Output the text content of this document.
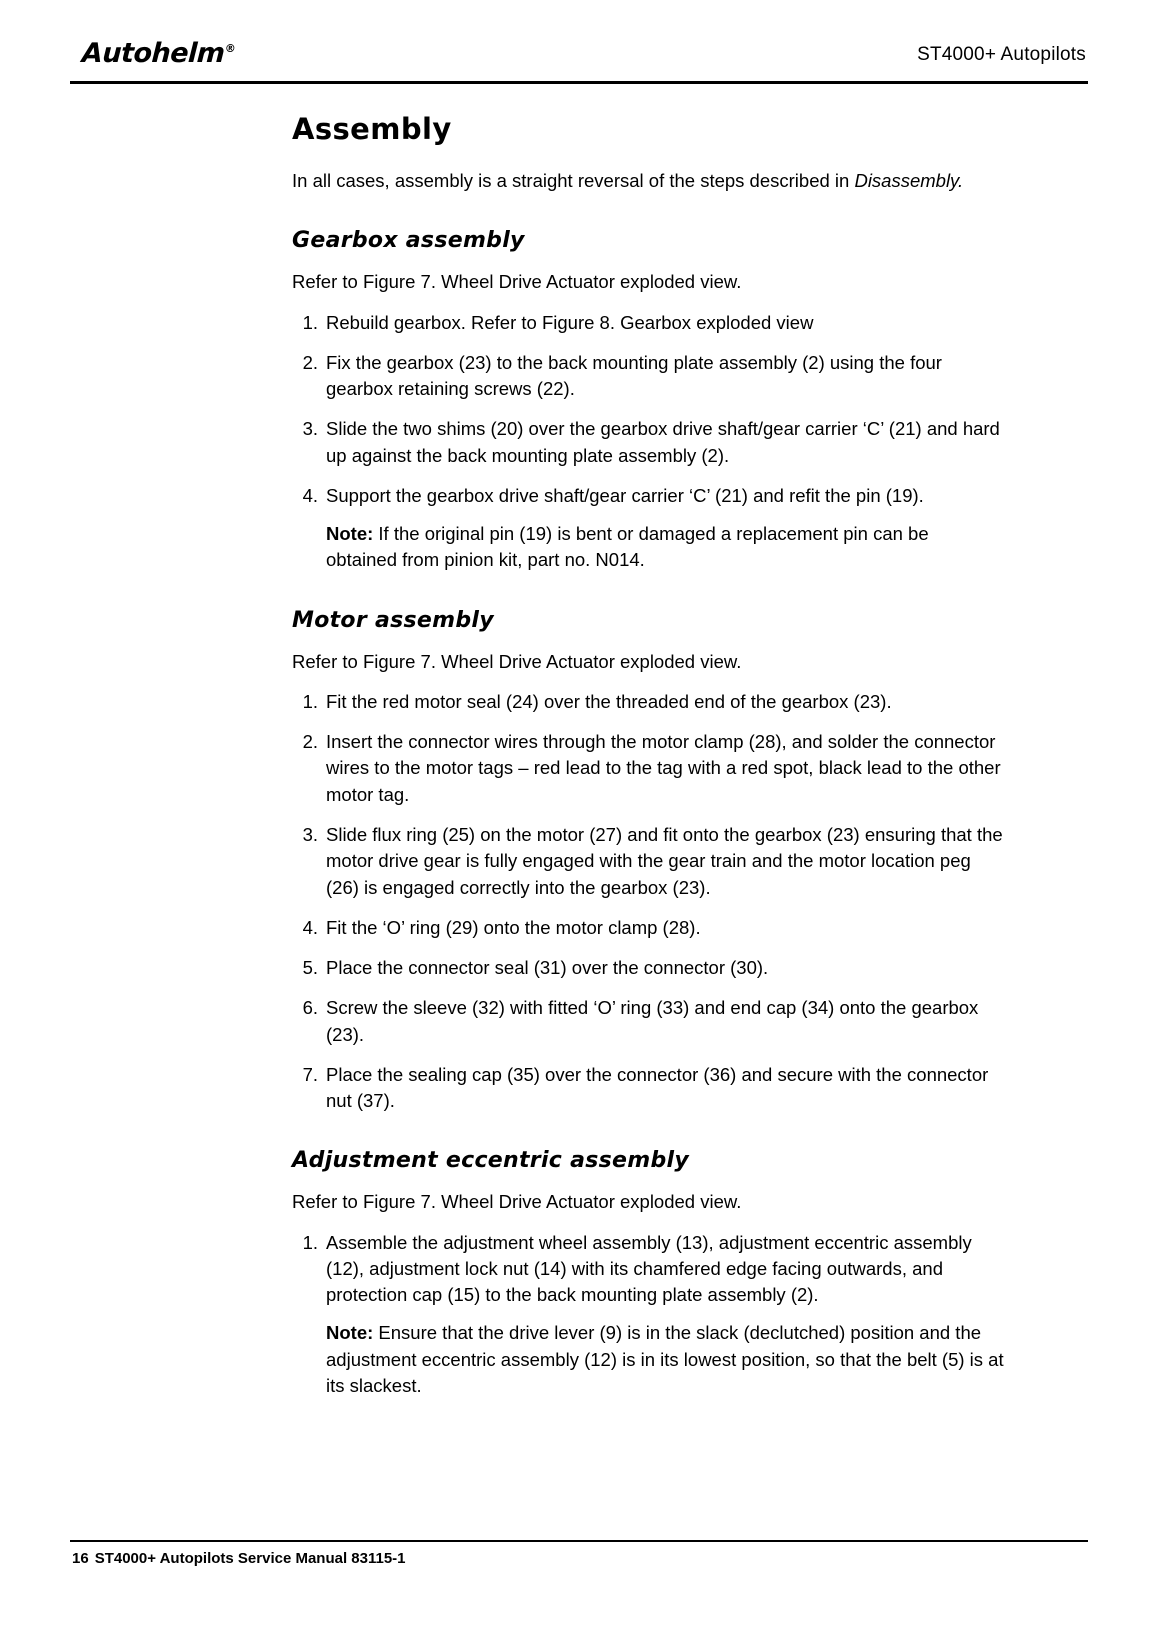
Autohelm®	ST4000+ Autopilots
Assembly

In all cases, assembly is a straight reversal of the steps described in Disassembly.

Gearbox assembly

Refer to Figure 7. Wheel Drive Actuator exploded view.

1. Rebuild gearbox. Refer to Figure 8. Gearbox exploded view
2. Fix the gearbox (23) to the back mounting plate assembly (2) using the four gearbox retaining screws (22).
3. Slide the two shims (20) over the gearbox drive shaft/gear carrier ‘C’ (21) and hard up against the back mounting plate assembly (2).
4. Support the gearbox drive shaft/gear carrier ‘C’ (21) and refit the pin (19).
Note: If the original pin (19) is bent or damaged a replacement pin can be obtained from pinion kit, part no. N014.
Motor assembly

Refer to Figure 7. Wheel Drive Actuator exploded view.

1. Fit the red motor seal (24) over the threaded end of the gearbox (23).
2. Insert the connector wires through the motor clamp (28), and solder the connector wires to the motor tags – red lead to the tag with a red spot, black lead to the other motor tag.
3. Slide flux ring (25) on the motor (27) and fit onto the gearbox (23) ensuring that the motor drive gear is fully engaged with the gear train and the motor location peg (26) is engaged correctly into the gearbox (23).
4. Fit the ‘O’ ring (29) onto the motor clamp (28).
5. Place the connector seal (31) over the connector (30).
6. Screw the sleeve (32) with fitted ‘O’ ring (33) and end cap (34) onto the gearbox (23).
7. Place the sealing cap (35) over the connector (36) and secure with the connector nut (37).
Adjustment eccentric assembly

Refer to Figure 7. Wheel Drive Actuator exploded view.

1. Assemble the adjustment wheel assembly (13), adjustment eccentric assembly (12), adjustment lock nut (14) with its chamfered edge facing outwards, and protection cap (15) to the back mounting plate assembly (2).
Note: Ensure that the drive lever (9) is in the slack (declutched) position and the adjustment eccentric assembly (12) is in its lowest position, so that the belt (5) is at its slackest.
16 ST4000+ Autopilots Service Manual 83115-1
